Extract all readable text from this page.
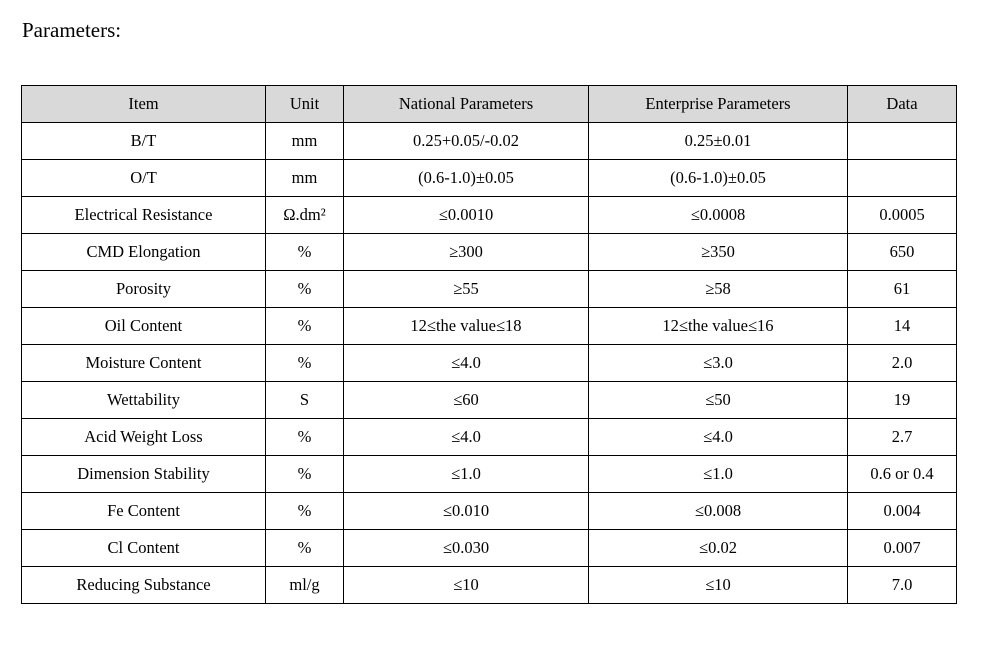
Parameters:
Item	Unit	National Parameters	Enterprise Parameters	Data
B/T	mm	0.25+0.05/-0.02	0.25±0.01	
O/T	mm	(0.6-1.0)±0.05	(0.6-1.0)±0.05	
Electrical Resistance	Ω.dm²	≤0.0010	≤0.0008	0.0005
CMD Elongation	%	≥300	≥350	650
Porosity	%	≥55	≥58	61
Oil Content	%	12≤the value≤18	12≤the value≤16	14
Moisture Content	%	≤4.0	≤3.0	2.0
Wettability	S	≤60	≤50	19
Acid Weight Loss	%	≤4.0	≤4.0	2.7
Dimension Stability	%	≤1.0	≤1.0	0.6 or 0.4
Fe Content	%	≤0.010	≤0.008	0.004
Cl Content	%	≤0.030	≤0.02	0.007
Reducing Substance	ml/g	≤10	≤10	7.0
